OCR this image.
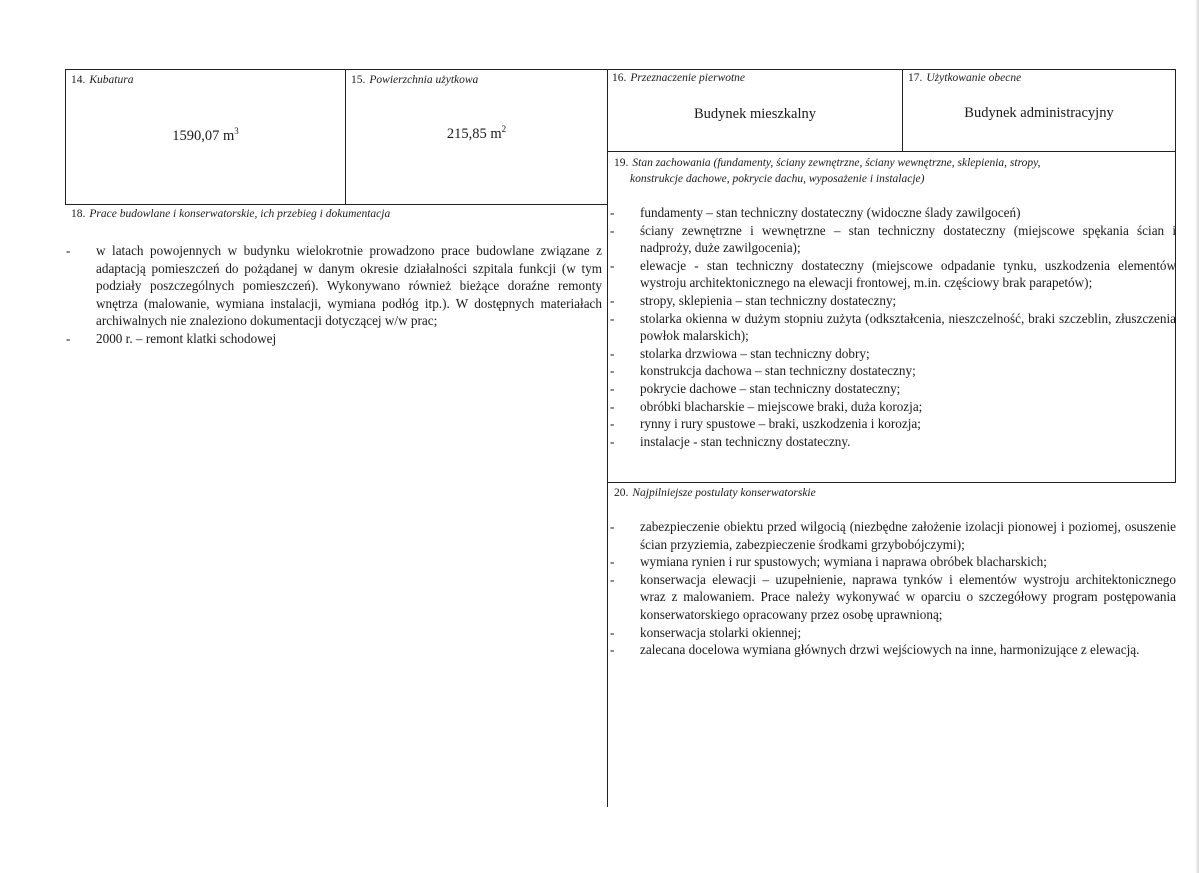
14. Kubatura
1590,07 $m^3$
15. Powierzchnia użytkowa
215,85 $m^2$
16. Przeznaczenie pierwotne
Budynek mieszkalny
17. Użytkowanie obecne
Budynek administracyjny
19. Stan zachowania (fundamenty, ściany zewnętrzne, ściany wewnętrzne, sklepienia, stropy,
konstrukcje dachowe, pokrycie dachu, wyposażenie i instalacje)
- fundamenty – stan techniczny dostateczny (widoczne ślady zawilgoceń)
- ściany zewnętrzne i wewnętrzne – stan techniczny dostateczny (miejscowe spękania ścian i nadproży, duże zawilgocenia);
- elewacje - stan techniczny dostateczny (miejscowe odpadanie tynku, uszkodzenia elementów wystroju architektonicznego na elewacji frontowej, m.in. częściowy brak parapetów);
- stropy, sklepienia – stan techniczny dostateczny;
- stolarka okienna w dużym stopniu zużyta (odkształcenia, nieszczelność, braki szczeblin, złuszczenia powłok malarskich);
- stolarka drzwiowa – stan techniczny dobry;
- konstrukcja dachowa – stan techniczny dostateczny;
- pokrycie dachowe – stan techniczny dostateczny;
- obróbki blacharskie – miejscowe braki, duża korozja;
- rynny i rury spustowe – braki, uszkodzenia i korozja;
- instalacje - stan techniczny dostateczny.
18. Prace budowlane i konserwatorskie, ich przebieg i dokumentacja
- w latach powojennych w budynku wielokrotnie prowadzono prace budowlane związane z adaptacją pomieszczeń do pożądanej w danym okresie działalności szpitala funkcji (w tym podziały poszczególnych pomieszczeń). Wykonywano również bieżące doraźne remonty wnętrza (malowanie, wymiana instalacji, wymiana podłóg itp.). W dostępnych materiałach archiwalnych nie znaleziono dokumentacji dotyczącej w/w prac;
- 2000 r. – remont klatki schodowej
20. Najpilniejsze postulaty konserwatorskie
- zabezpieczenie obiektu przed wilgocią (niezbędne założenie izolacji pionowej i poziomej, osuszenie ścian przyziemia, zabezpieczenie środkami grzybobójczymi);
- wymiana rynien i rur spustowych; wymiana i naprawa obróbek blacharskich;
- konserwacja elewacji – uzupełnienie, naprawa tynków i elementów wystroju architektonicznego wraz z malowaniem. Prace należy wykonywać w oparciu o szczegółowy program postępowania konserwatorskiego opracowany przez osobę uprawnioną;
- konserwacja stolarki okiennej;
- zalecana docelowa wymiana głównych drzwi wejściowych na inne, harmonizujące z elewacją.
